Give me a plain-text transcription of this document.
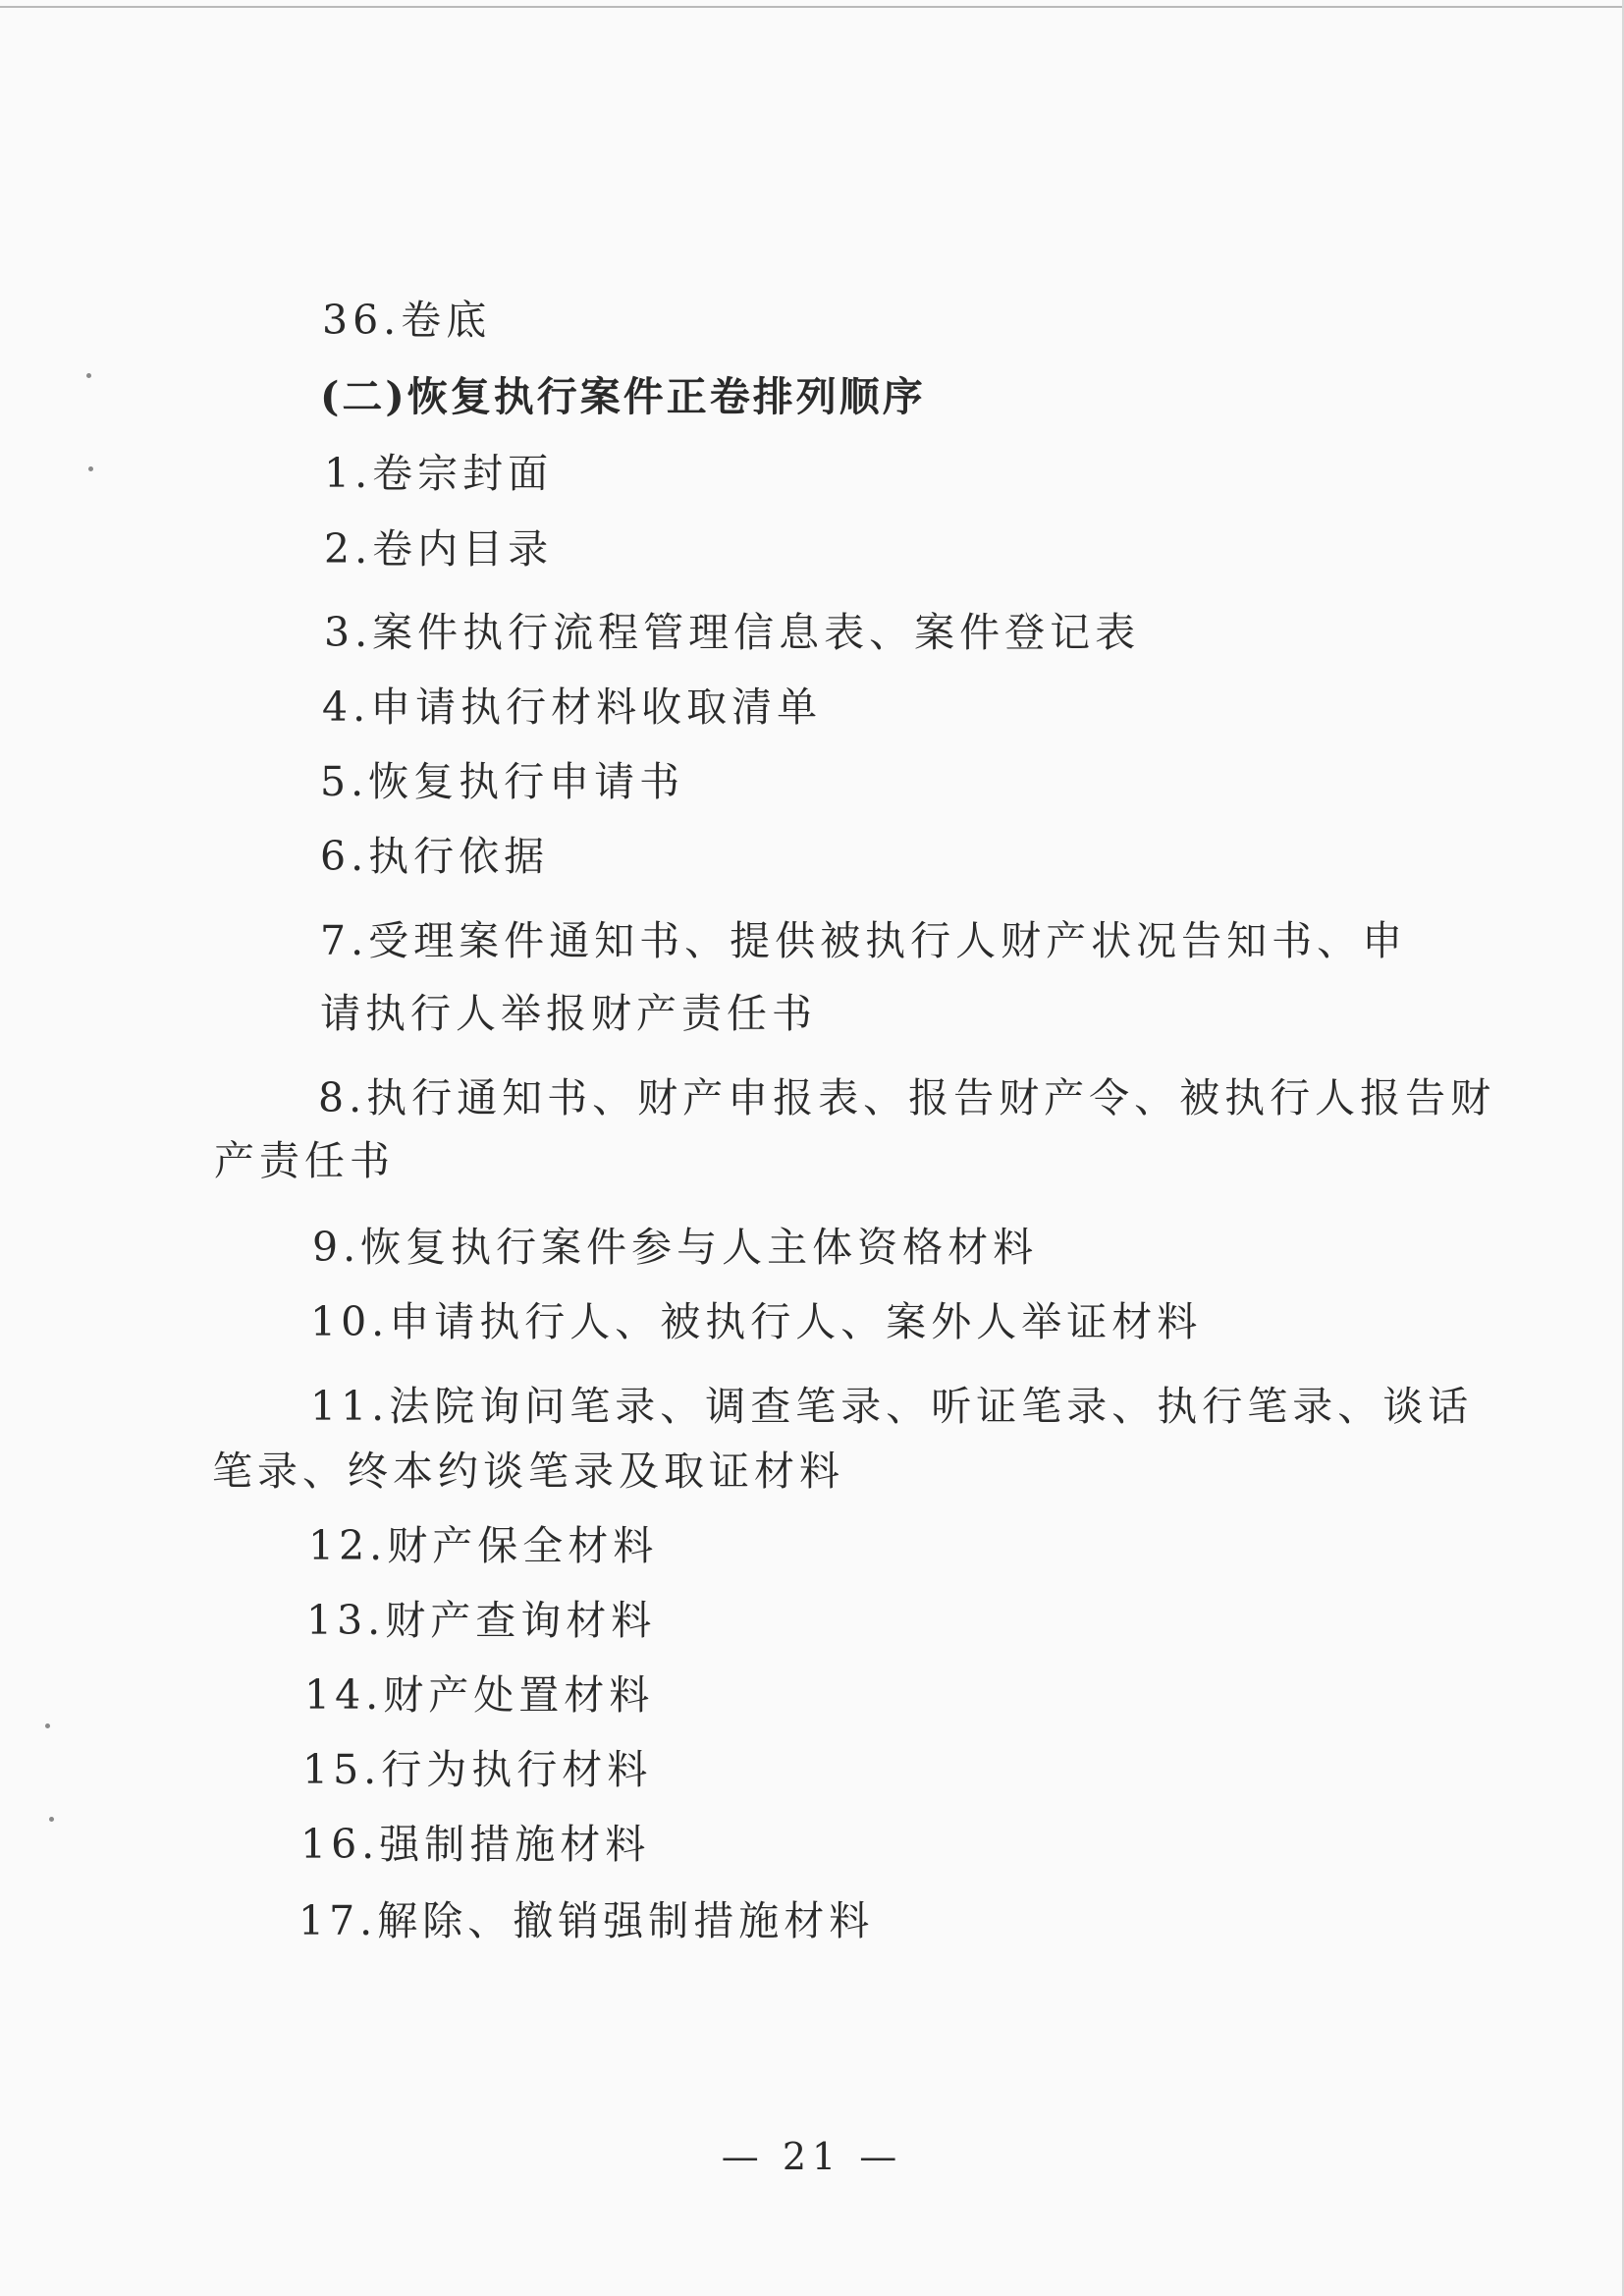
36.卷底
(二)恢复执行案件正卷排列顺序
1.卷宗封面
2.卷内目录
3.案件执行流程管理信息表、案件登记表
4.申请执行材料收取清单
5.恢复执行申请书
6.执行依据
7.受理案件通知书、提供被执行人财产状况告知书、申
请执行人举报财产责任书
8.执行通知书、财产申报表、报告财产令、被执行人报告财
产责任书
9.恢复执行案件参与人主体资格材料
10.申请执行人、被执行人、案外人举证材料
11.法院询问笔录、调查笔录、听证笔录、执行笔录、谈话
笔录、终本约谈笔录及取证材料
12.财产保全材料
13.财产查询材料
14.财产处置材料
15.行为执行材料
16.强制措施材料
17.解除、撤销强制措施材料
— 21 —
